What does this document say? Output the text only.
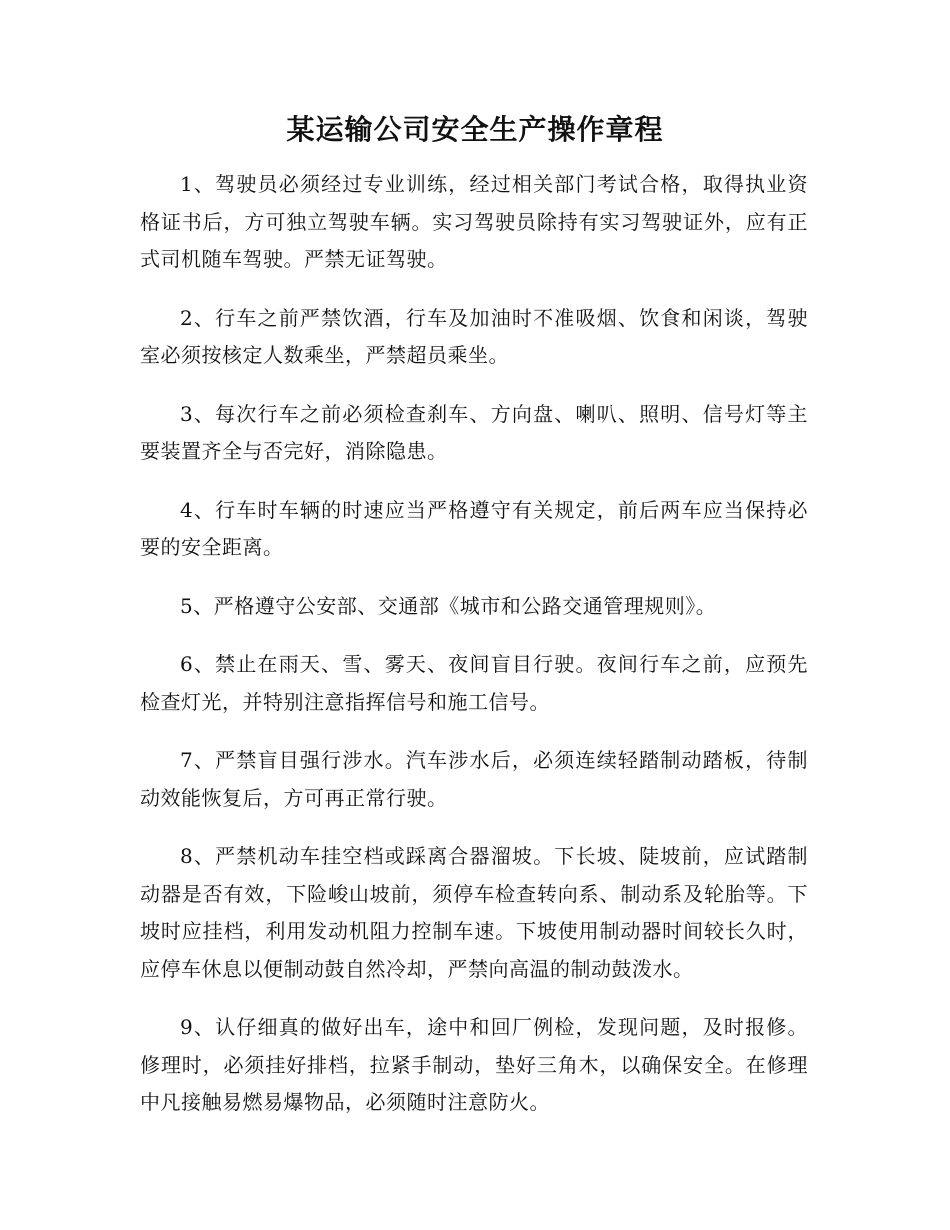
某运输公司安全生产操作章程

1、驾驶员必须经过专业训练，经过相关部门考试合格，取得执业资格证书后，方可独立驾驶车辆。实习驾驶员除持有实习驾驶证外，应有正式司机随车驾驶。严禁无证驾驶。

2、行车之前严禁饮酒，行车及加油时不准吸烟、饮食和闲谈，驾驶室必须按核定人数乘坐，严禁超员乘坐。

3、每次行车之前必须检查刹车、方向盘、喇叭、照明、信号灯等主要装置齐全与否完好，消除隐患。

4、行车时车辆的时速应当严格遵守有关规定，前后两车应当保持必要的安全距离。

5、严格遵守公安部、交通部《城市和公路交通管理规则》。

6、禁止在雨天、雪、雾天、夜间盲目行驶。夜间行车之前，应预先检查灯光，并特别注意指挥信号和施工信号。

7、严禁盲目强行涉水。汽车涉水后，必须连续轻踏制动踏板，待制动效能恢复后，方可再正常行驶。

8、严禁机动车挂空档或踩离合器溜坡。下长坡、陡坡前，应试踏制动器是否有效，下险峻山坡前，须停车检查转向系、制动系及轮胎等。下坡时应挂档，利用发动机阻力控制车速。下坡使用制动器时间较长久时，应停车休息以便制动鼓自然冷却，严禁向高温的制动鼓泼水。

9、认仔细真的做好出车，途中和回厂例检，发现问题，及时报修。修理时，必须挂好排档，拉紧手制动，垫好三角木，以确保安全。在修理中凡接触易燃易爆物品，必须随时注意防火。
